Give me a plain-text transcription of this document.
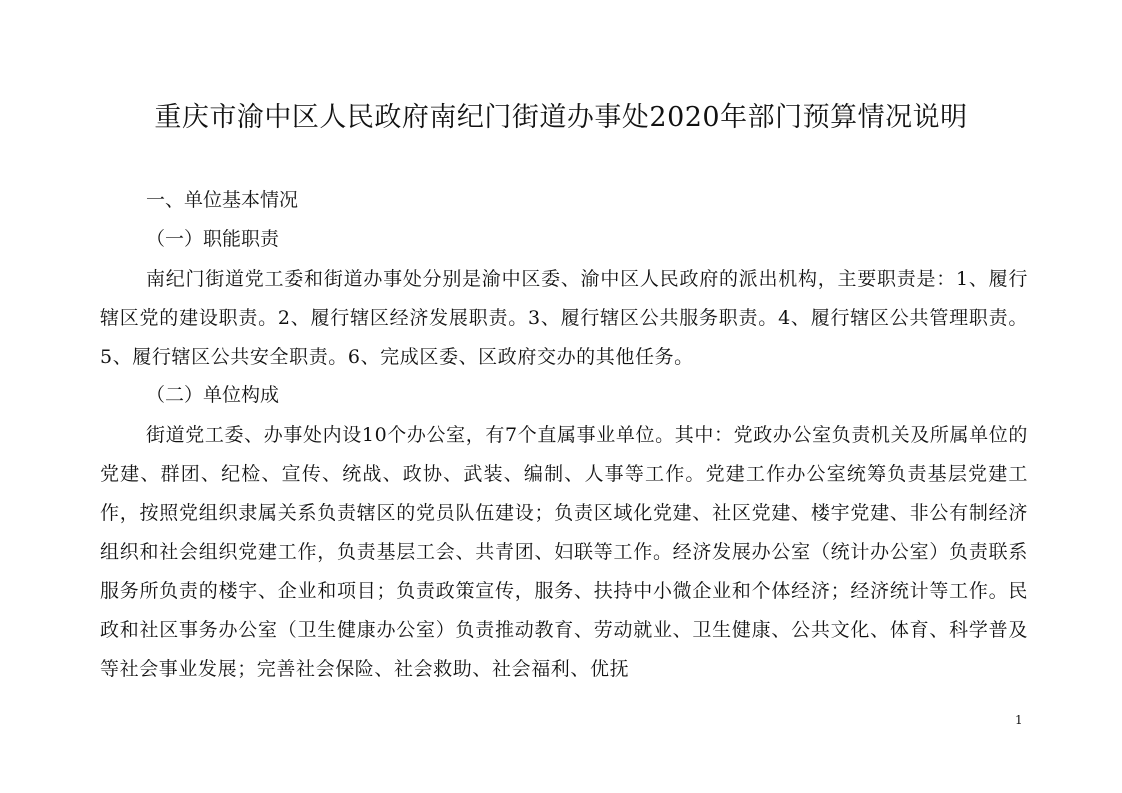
重庆市渝中区人民政府南纪门街道办事处2020年部门预算情况说明
一、单位基本情况
（一）职能职责
南纪门街道党工委和街道办事处分别是渝中区委、渝中区人民政府的派出机构，主要职责是：1、履行辖区党的建设职责。2、履行辖区经济发展职责。3、履行辖区公共服务职责。4、履行辖区公共管理职责。5、履行辖区公共安全职责。6、完成区委、区政府交办的其他任务。
（二）单位构成
街道党工委、办事处内设10个办公室，有7个直属事业单位。其中：党政办公室负责机关及所属单位的党建、群团、纪检、宣传、统战、政协、武装、编制、人事等工作。党建工作办公室统筹负责基层党建工作，按照党组织隶属关系负责辖区的党员队伍建设；负责区域化党建、社区党建、楼宇党建、非公有制经济组织和社会组织党建工作，负责基层工会、共青团、妇联等工作。经济发展办公室（统计办公室）负责联系服务所负责的楼宇、企业和项目；负责政策宣传，服务、扶持中小微企业和个体经济；经济统计等工作。民政和社区事务办公室（卫生健康办公室）负责推动教育、劳动就业、卫生健康、公共文化、体育、科学普及等社会事业发展；完善社会保险、社会救助、社会福利、优抚
1
